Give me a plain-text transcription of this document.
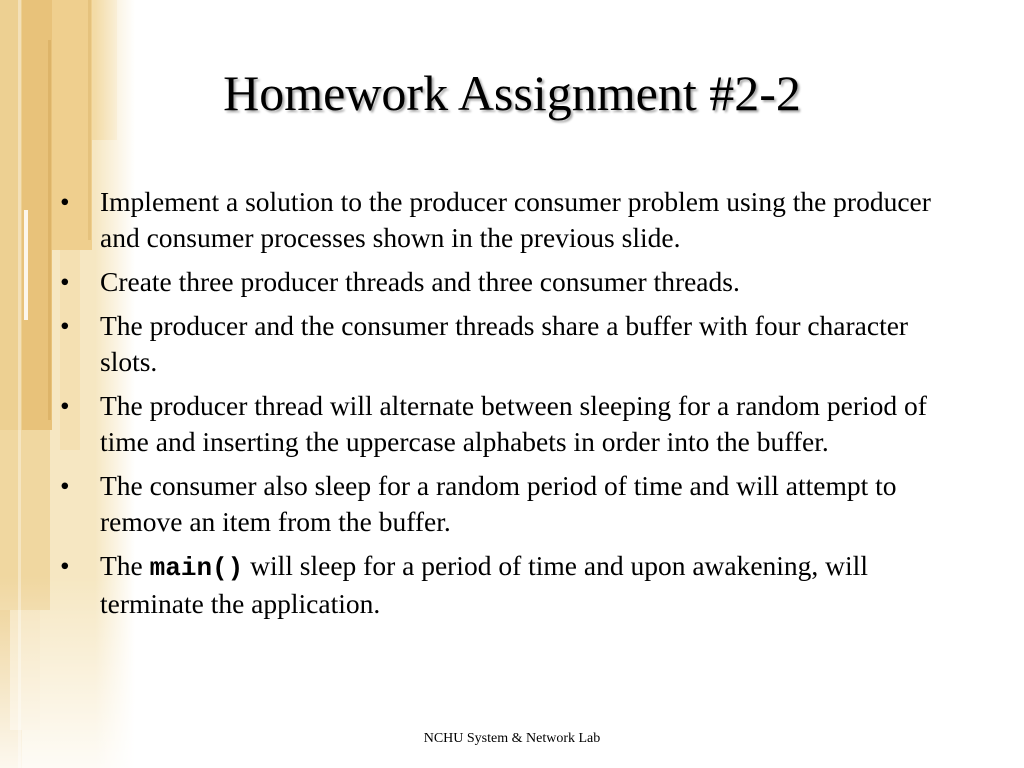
Homework Assignment #2-2
• Implement a solution to the producer consumer problem using the producer and consumer processes shown in the previous slide.
• Create three producer threads and three consumer threads.
• The producer and the consumer threads share a buffer with four character slots.
• The producer thread will alternate between sleeping for a random period of time and inserting the uppercase alphabets in order into the buffer.
• The consumer also sleep for a random period of time and will attempt to remove an item from the buffer.
• The main() will sleep for a period of time and upon awakening, will terminate the application.
NCHU System & Network Lab
